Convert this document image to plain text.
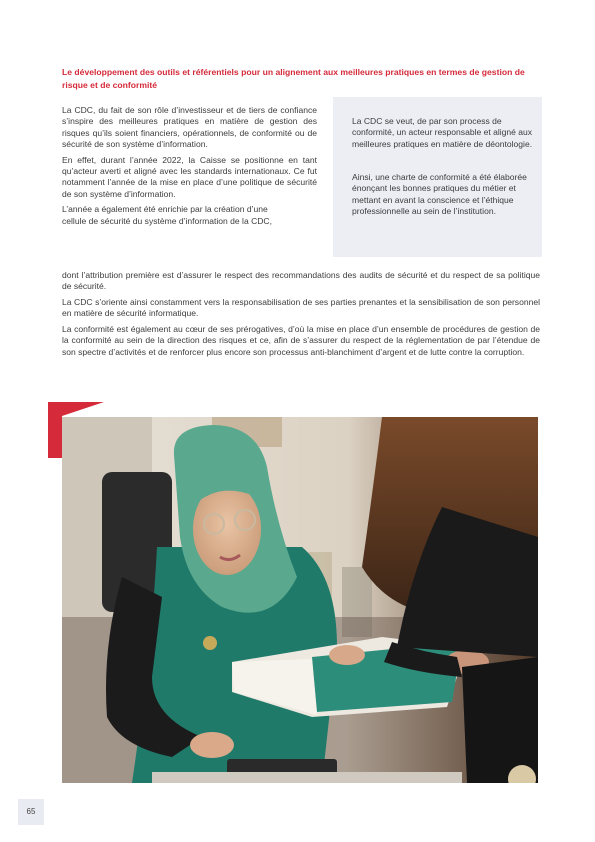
Le développement des outils et référentiels pour un alignement aux meilleures pratiques en termes de gestion de risque et de conformité

La CDC, du fait de son rôle d’investisseur et de tiers de confiance s’inspire des meilleures pratiques en matière de gestion des risques qu’ils soient financiers, opérationnels, de conformité ou de sécurité de son système d’information.

En effet, durant l’année 2022, la Caisse se positionne en tant qu’acteur averti et aligné avec les standards internationaux. Ce fut notamment l’année de la mise en place d’une politique de sécurité de son système d’information.

L’année a également été enrichie par la création d’une

cellule de sécurité du système d’information de la CDC,

La CDC se veut, de par son process de conformité, un acteur responsable et aligné aux meilleures pratiques en matière de déontologie.

Ainsi, une charte de conformité a été élaborée énonçant les bonnes pratiques du métier et mettant en avant la conscience et l’éthique professionnelle au sein de l’institution.

dont l’attribution première est d’assurer le respect des recommandations des audits de sécurité et du respect de sa politique de sécurité.

La CDC s’oriente ainsi constamment vers la responsabilisation de ses parties prenantes et la sensibilisation de son personnel en matière de sécurité informatique.

La conformité est également au cœur de ses prérogatives, d’où la mise en place d’un ensemble de procédures de gestion de la conformité au sein de la direction des risques et ce, afin de s’assurer du respect de la réglementation de par l’étendue de son spectre d’activités et de renforcer plus encore son processus anti-blanchiment d’argent et de lutte contre la corruption.

65
